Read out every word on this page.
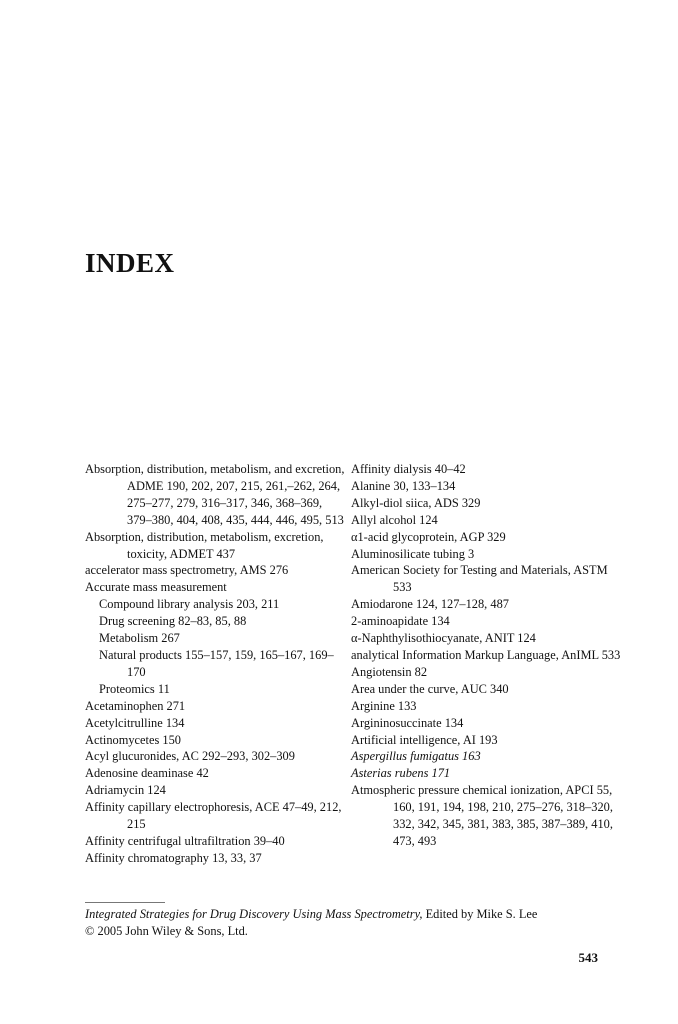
INDEX

Absorption, distribution, metabolism, and excretion, ADME 190, 202, 207, 215, 261,–262, 264, 275–277, 279, 316–317, 346, 368–369, 379–380, 404, 408, 435, 444, 446, 495, 513

Absorption, distribution, metabolism, excretion, toxicity, ADMET 437

accelerator mass spectrometry, AMS 276

Accurate mass measurement

Compound library analysis 203, 211

Drug screening 82–83, 85, 88

Metabolism 267

Natural products 155–157, 159, 165–167, 169–170

Proteomics 11

Acetaminophen 271

Acetylcitrulline 134

Actinomycetes 150

Acyl glucuronides, AC 292–293, 302–309

Adenosine deaminase 42

Adriamycin 124

Affinity capillary electrophoresis, ACE 47–49, 212, 215

Affinity centrifugal ultrafiltration 39–40

Affinity chromatography 13, 33, 37

Affinity dialysis 40–42

Alanine 30, 133–134

Alkyl-diol siica, ADS 329

Allyl alcohol 124

α1-acid glycoprotein, AGP 329

Aluminosilicate tubing 3

American Society for Testing and Materials, ASTM 533

Amiodarone 124, 127–128, 487

2-aminoapidate 134

α-Naphthylisothiocyanate, ANIT 124

analytical Information Markup Language, AnIML 533

Angiotensin 82

Area under the curve, AUC 340

Arginine 133

Argininosuccinate 134

Artificial intelligence, AI 193

Aspergillus fumigatus 163

Asterias rubens 171

Atmospheric pressure chemical ionization, APCI 55, 160, 191, 194, 198, 210, 275–276, 318–320, 332, 342, 345, 381, 383, 385, 387–389, 410, 473, 493

Integrated Strategies for Drug Discovery Using Mass Spectrometry, Edited by Mike S. Lee
© 2005 John Wiley & Sons, Ltd.
543
